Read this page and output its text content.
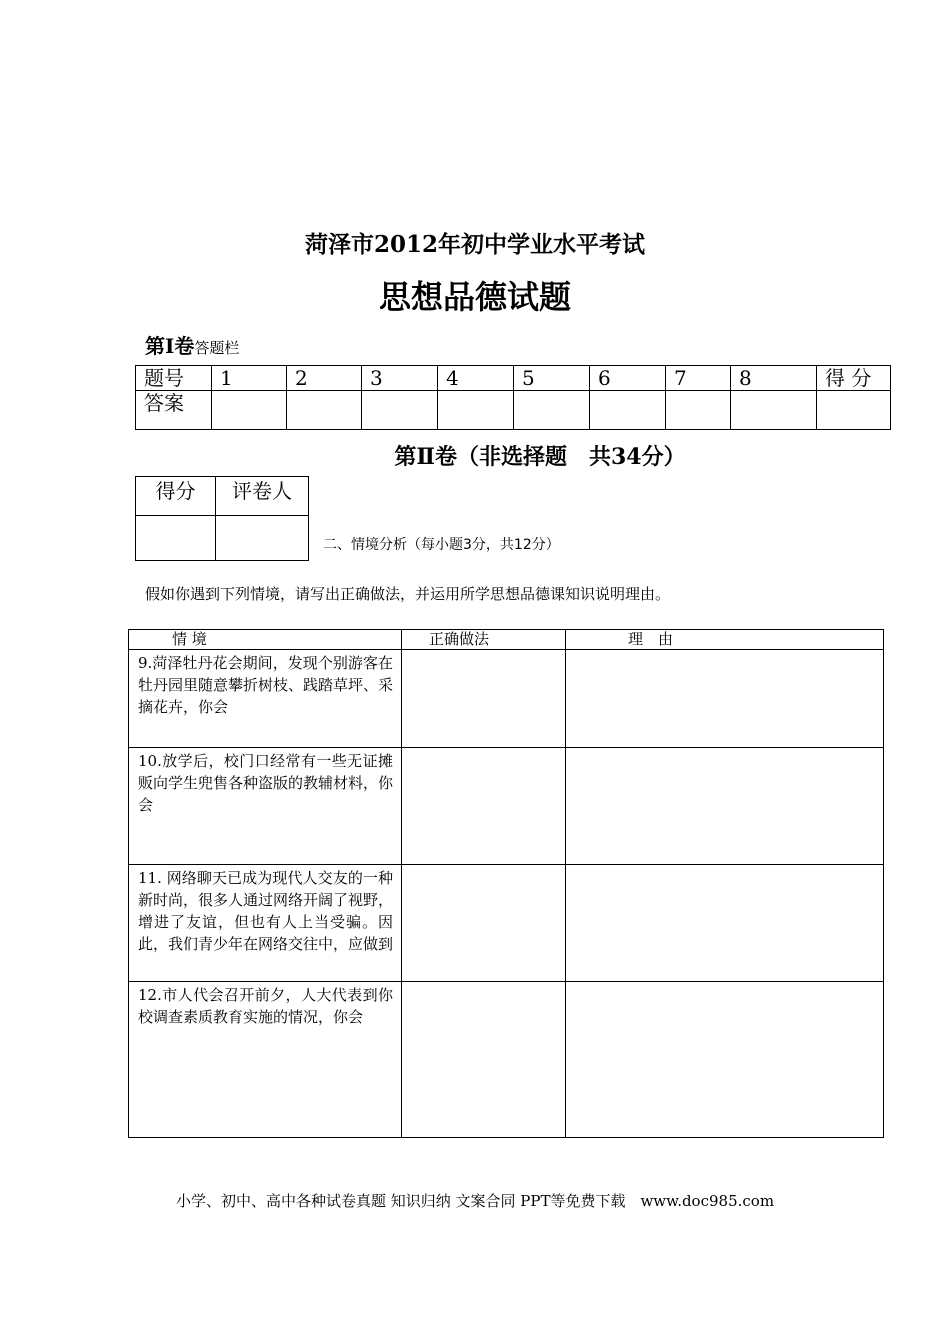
菏泽市2012年初中学业水平考试
思想品德试题
第Ⅰ卷答题栏
题号	1	2	3	4	5	6	7	8	得 分
答案									
第Ⅱ卷（非选择题　共34分）
得分	评卷人

二、情境分析（每小题3分，共12分）
假如你遇到下列情境，请写出正确做法，并运用所学思想品德课知识说明理由。
情 境	正确做法	理　由
9.菏泽牡丹花会期间，发现个别游客在牡丹园里随意攀折树枝、践踏草坪、采摘花卉，你会		
10.放学后，校门口经常有一些无证摊贩向学生兜售各种盗版的教辅材料，你会		
11. 网络聊天已成为现代人交友的一种新时尚，很多人通过网络开阔了视野，增进了友谊，但也有人上当受骗。因此，我们青少年在网络交往中，应做到		
12.市人代会召开前夕，人大代表到你校调查素质教育实施的情况，你会		
小学、初中、高中各种试卷真题 知识归纳 文案合同 PPT等免费下载　www.doc985.com
